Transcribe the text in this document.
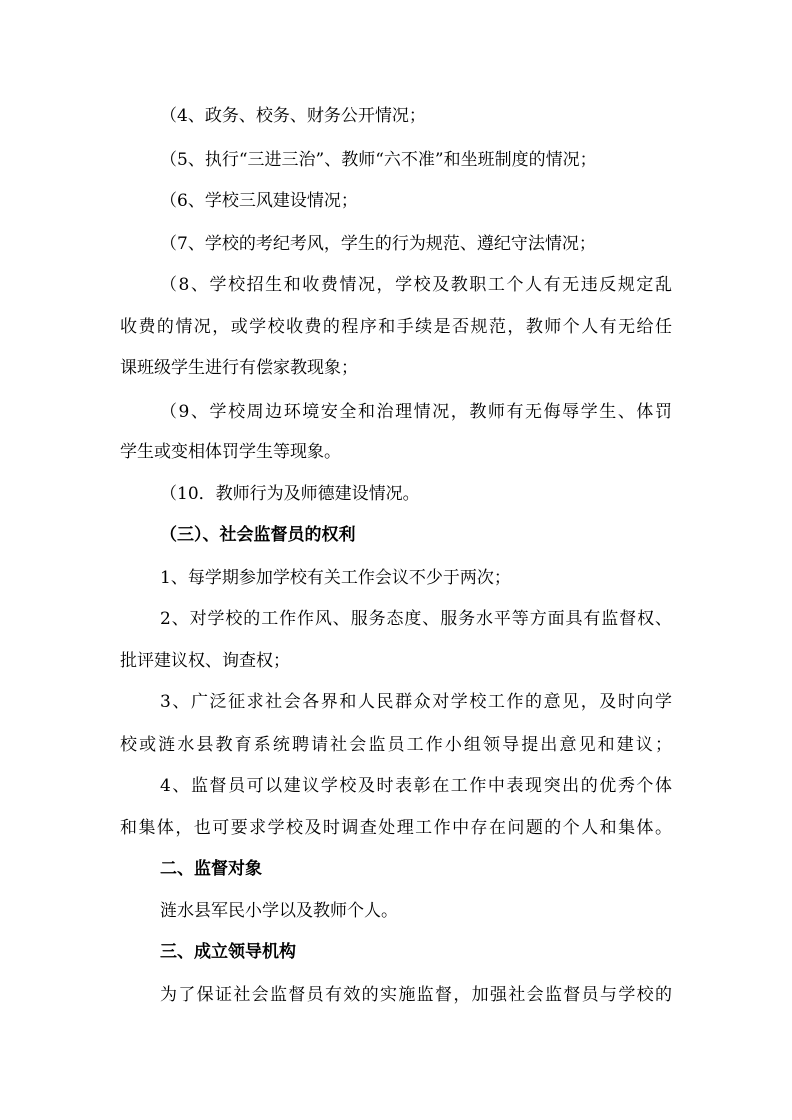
（4、政务、校务、财务公开情况；
（5、执行“三进三治”、教师“六不准”和坐班制度的情况；
（6、学校三风建设情况；
（7、学校的考纪考风，学生的行为规范、遵纪守法情况；
（8、学校招生和收费情况，学校及教职工个人有无违反规定乱
收费的情况，或学校收费的程序和手续是否规范，教师个人有无给任
课班级学生进行有偿家教现象；
（9、学校周边环境安全和治理情况，教师有无侮辱学生、体罚
学生或变相体罚学生等现象。
（10．教师行为及师德建设情况。
（三）、社会监督员的权利
1、每学期参加学校有关工作会议不少于两次；
2、对学校的工作作风、服务态度、服务水平等方面具有监督权、
批评建议权、询查权；
3、广泛征求社会各界和人民群众对学校工作的意见，及时向学
校或涟水县教育系统聘请社会监员工作小组领导提出意见和建议；
4、监督员可以建议学校及时表彰在工作中表现突出的优秀个体
和集体，也可要求学校及时调查处理工作中存在问题的个人和集体。
二、监督对象
涟水县军民小学以及教师个人。
三、成立领导机构
为了保证社会监督员有效的实施监督，加强社会监督员与学校的
